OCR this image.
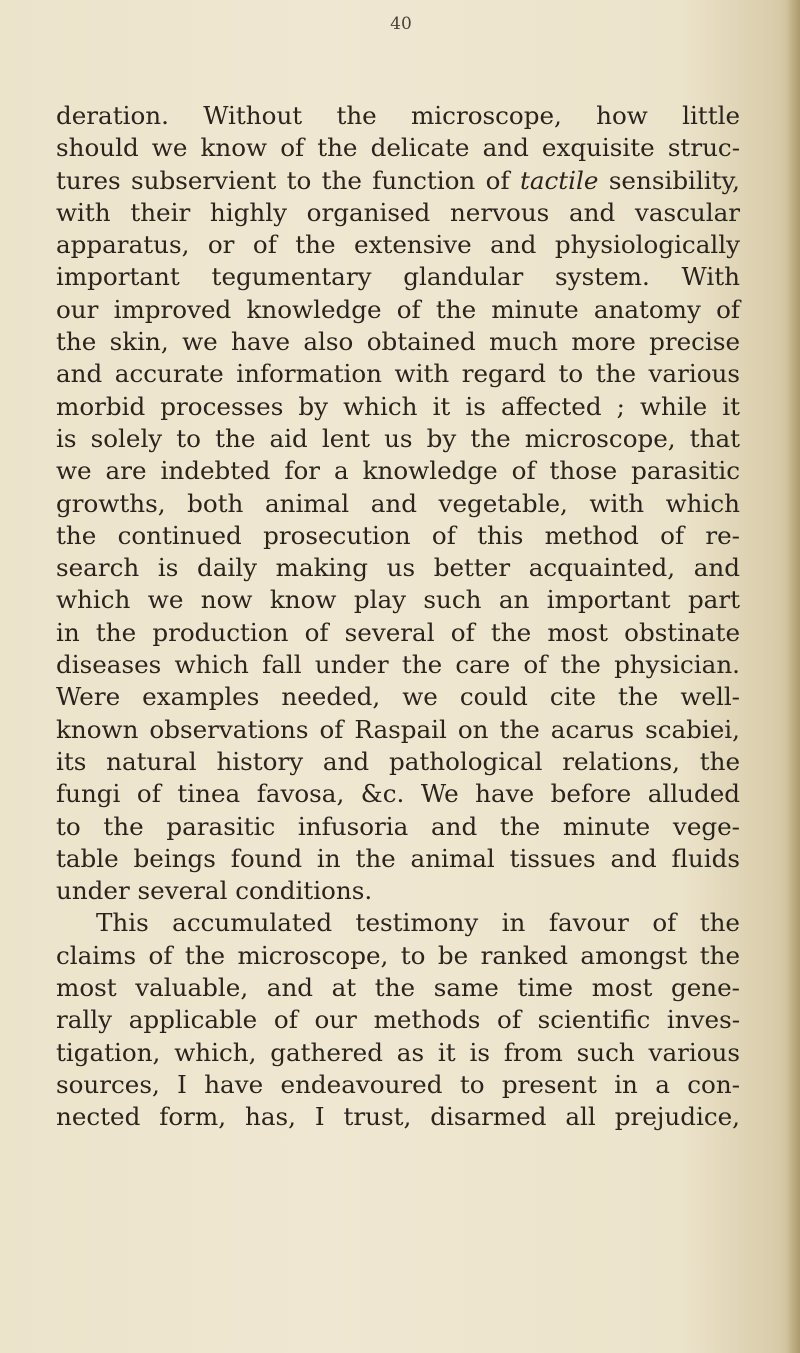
40
deration. Without the microscope, how little
should we know of the delicate and exquisite struc-
tures subservient to the function of tactile sensibility,
with their highly organised nervous and vascular
apparatus, or of the extensive and physiologically
important tegumentary glandular system. With
our improved knowledge of the minute anatomy of
the skin, we have also obtained much more precise
and accurate information with regard to the various
morbid processes by which it is affected ; while it
is solely to the aid lent us by the microscope, that
we are indebted for a knowledge of those parasitic
growths, both animal and vegetable, with which
the continued prosecution of this method of re-
search is daily making us better acquainted, and
which we now know play such an important part
in the production of several of the most obstinate
diseases which fall under the care of the physician.
Were examples needed, we could cite the well-
known observations of Raspail on the acarus scabiei,
its natural history and pathological relations, the
fungi of tinea favosa, &c. We have before alluded
to the parasitic infusoria and the minute vege-
table beings found in the animal tissues and fluids
under several conditions.
This accumulated testimony in favour of the
claims of the microscope, to be ranked amongst the
most valuable, and at the same time most gene-
rally applicable of our methods of scientific inves-
tigation, which, gathered as it is from such various
sources, I have endeavoured to present in a con-
nected form, has, I trust, disarmed all prejudice,
